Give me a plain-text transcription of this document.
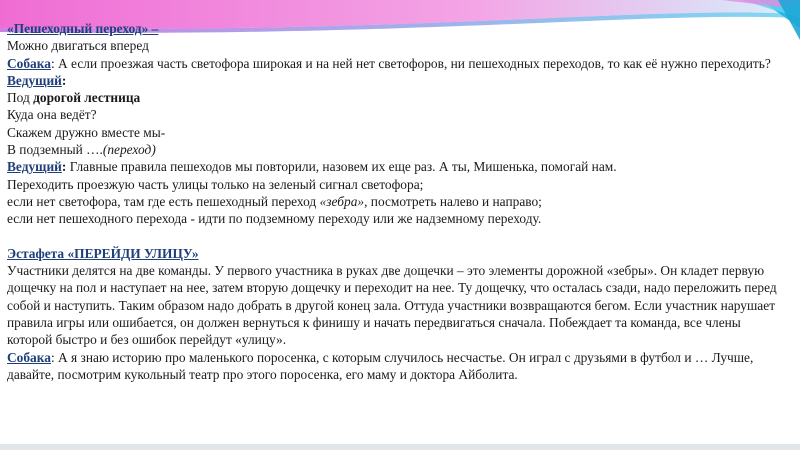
«Пешеходный переход» –

Можно двигаться вперед

Собака: А если проезжая часть светофора широкая и на ней нет светофоров, ни пешеходных переходов, то как её нужно переходить?

Ведущий:

Под дорогой лестница

Куда она ведёт?

Скажем дружно вместе мы-

В подземный ….(переход)

Ведущий: Главные правила пешеходов мы повторили, назовем их еще раз. А ты, Мишенька, помогай нам.

Переходить проезжую часть улицы только на зеленый сигнал светофора;

если нет светофора, там где есть пешеходный переход «зебра», посмотреть налево и направо;

если нет пешеходного перехода - идти по подземному переходу или же надземному переходу.

Эстафета «ПЕРЕЙДИ УЛИЦУ»

Участники делятся на две команды. У первого участника в руках две дощечки – это элементы дорожной «зебры». Он кладет первую дощечку на пол и наступает на нее, затем вторую дощечку и переходит на нее. Ту дощечку, что осталась сзади, надо переложить перед собой и наступить. Таким образом надо добрать в другой конец зала. Оттуда участники возвращаются бегом. Если участник нарушает правила игры или ошибается, он должен вернуться к финишу и начать передвигаться сначала. Побеждает та команда, все члены которой быстро и без ошибок перейдут «улицу».

Собака: А я знаю историю про маленького поросенка, с которым случилось несчастье. Он играл с друзьями в футбол и … Лучше, давайте, посмотрим кукольный театр про этого поросенка, его маму и доктора Айболита.
